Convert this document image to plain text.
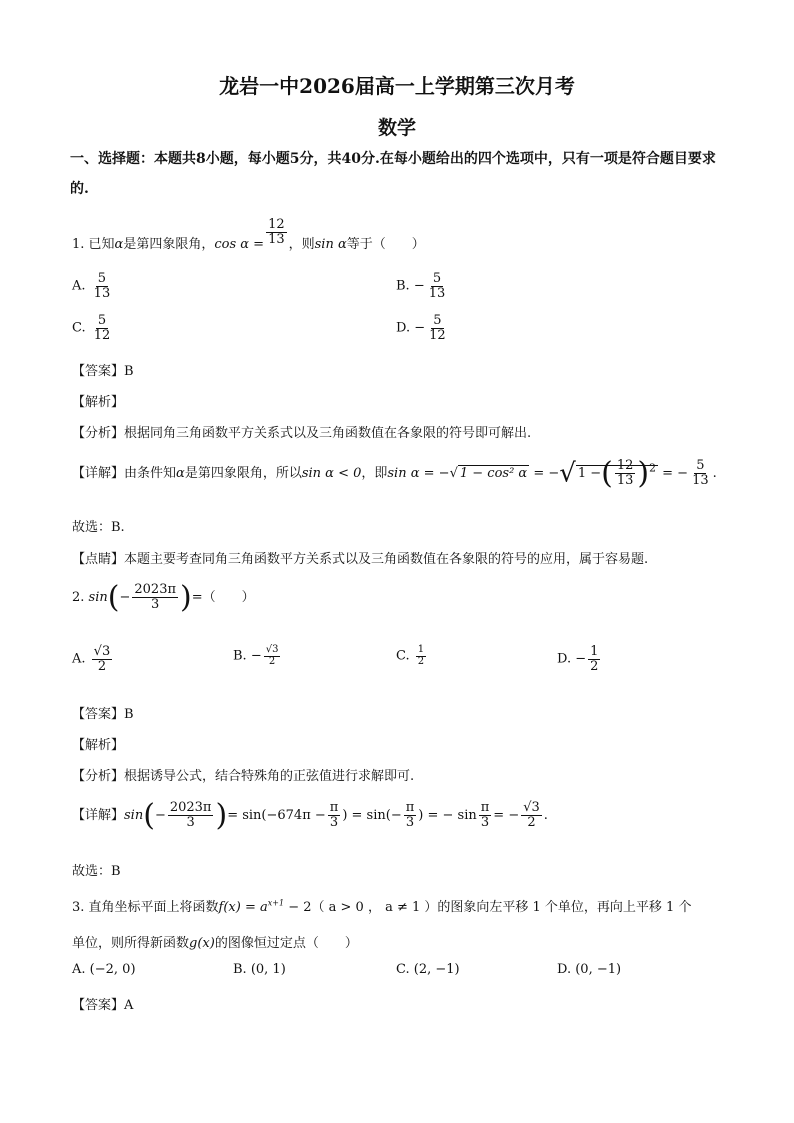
龙岩一中2026届高一上学期第三次月考
数学
一、选择题：本题共8小题，每小题5分，共40分.在每小题给出的四个选项中，只有一项是符合题目要求的.
1. 已知α是第四象限角，$\cos \alpha = \frac{12}{13}$ ，则sin α等于（　　）
A. $\frac{5}{13}$	B. − $\frac{5}{13}$
C. $\frac{5}{12}$	D. − $\frac{5}{12}$
【答案】B
【解析】
【分析】根据同角三角函数平方关系式以及三角函数值在各象限的符号即可解出.
【详解】由条件知α是第四象限角，所以sin α < 0，即sin α = −√ 1 − cos² α = −√ 1 −( $\frac{12}{13} )^2$ = − $\frac{5}{13}$ .
故选：B.
【点睛】本题主要考查同角三角函数平方关系式以及三角函数值在各象限的符号的应用，属于容易题.
2. $\sin(- \frac{2023\pi}{3}$ )=（　　）
A. $\frac{√3}{2}$	B. − $\frac{√3}{2}$	C. $\frac{1}{2}$	D. − $\frac{1}{2}$
【答案】B
【解析】
【分析】根据诱导公式，结合特殊角的正弦值进行求解即可.
【详解】$\sin(- \frac{2023\pi}{3}$ )= $\sin(-674\pi - \frac{\pi}{3}$ ) = $\sin(- \frac{\pi}{3}$ ) = − $\sin \frac{\pi}{3}$ = − $\frac{√3}{2}$ .
故选：B
3. 直角坐标平面上将函数$f(x) = a^{x+1} - 2$（ a > 0 ， a ≠ 1 ）的图象向左平移 1 个单位，再向上平移 1 个
单位，则所得新函数g(x)的图像恒过定点（　　）
A. (−2, 0)	B. (0, 1)	C. (2, −1)	D. (0, −1)
【答案】A
